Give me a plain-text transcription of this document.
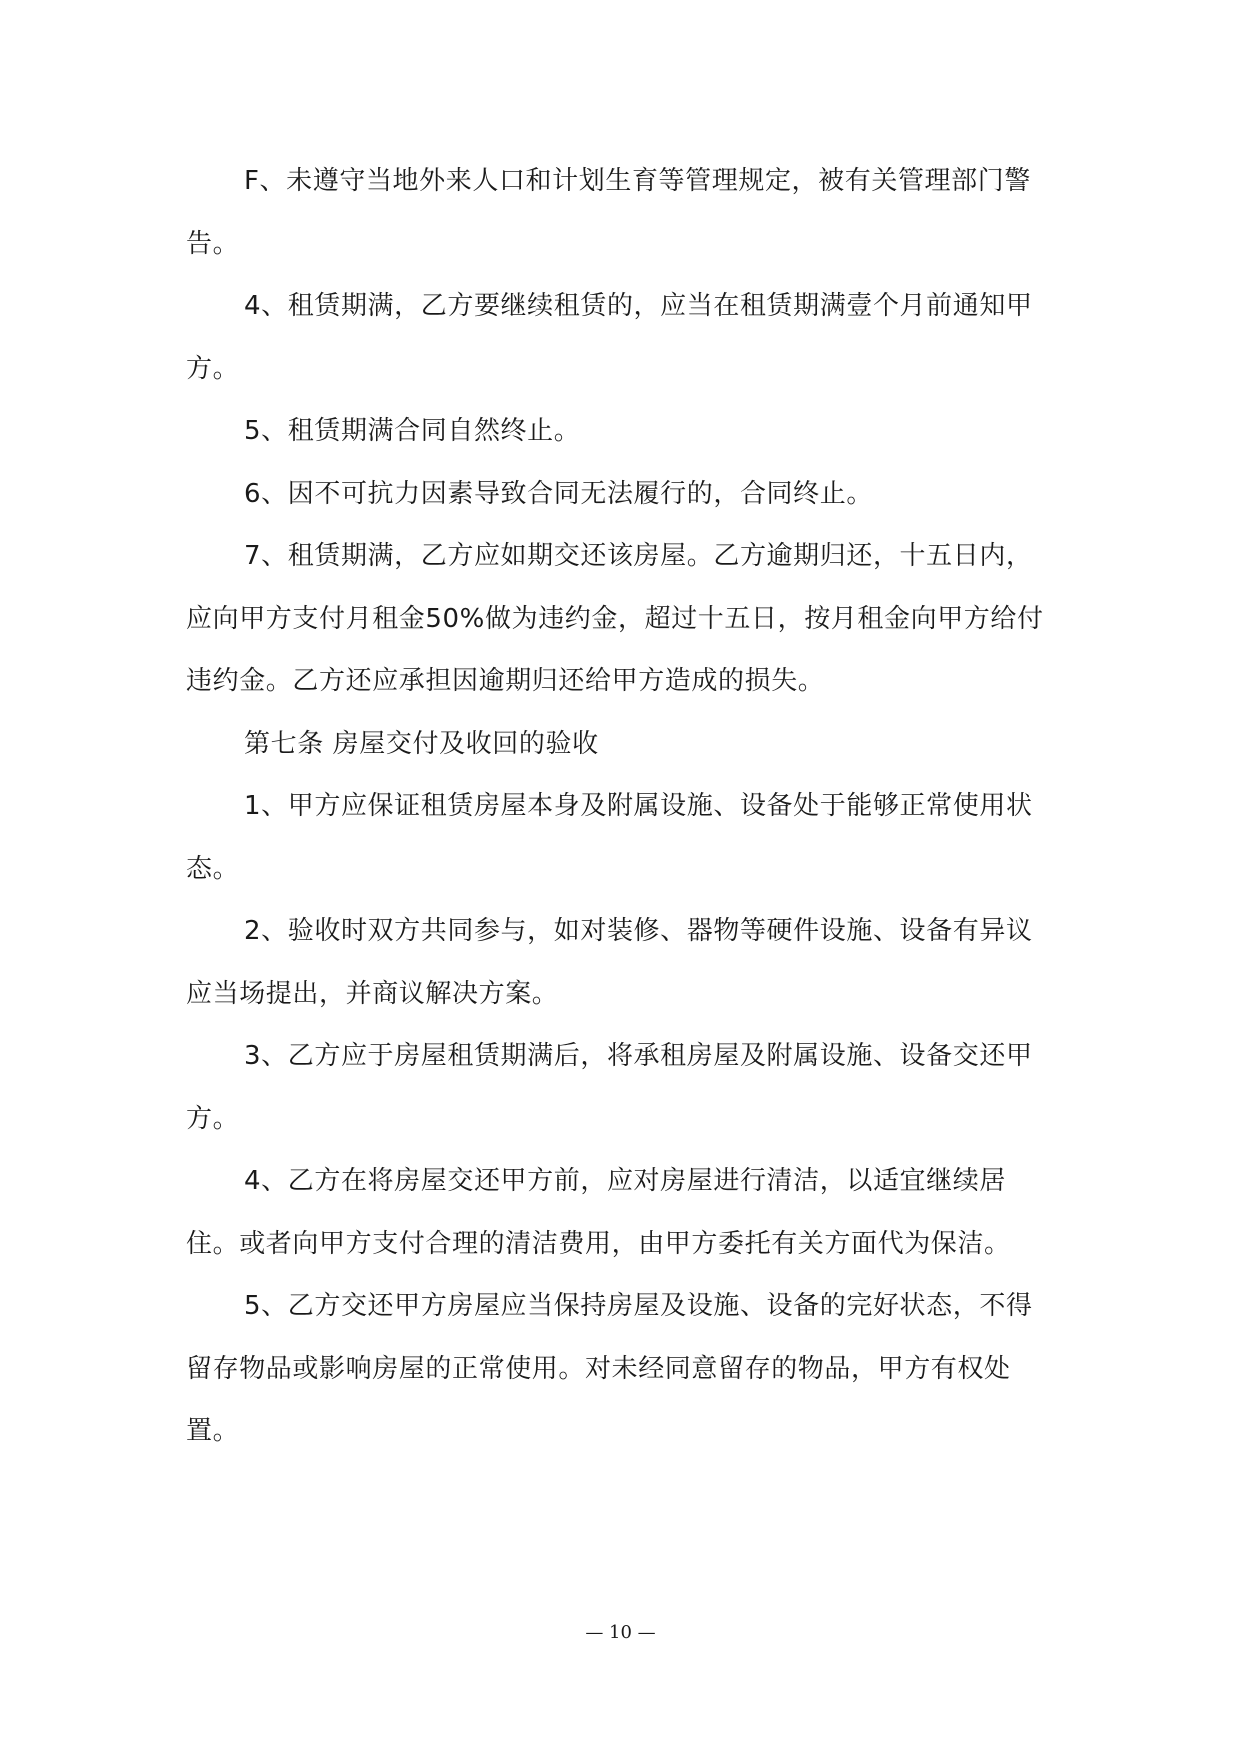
F、未遵守当地外来人口和计划生育等管理规定，被有关管理部门警告。

4、租赁期满，乙方要继续租赁的，应当在租赁期满壹个月前通知甲方。

5、租赁期满合同自然终止。

6、因不可抗力因素导致合同无法履行的，合同终止。

7、租赁期满，乙方应如期交还该房屋。乙方逾期归还，十五日内，应向甲方支付月租金50%做为违约金，超过十五日，按月租金向甲方给付违约金。乙方还应承担因逾期归还给甲方造成的损失。

第七条 房屋交付及收回的验收

1、甲方应保证租赁房屋本身及附属设施、设备处于能够正常使用状态。

2、验收时双方共同参与，如对装修、器物等硬件设施、设备有异议应当场提出，并商议解决方案。

3、乙方应于房屋租赁期满后，将承租房屋及附属设施、设备交还甲方。

4、乙方在将房屋交还甲方前，应对房屋进行清洁，以适宜继续居住。或者向甲方支付合理的清洁费用，由甲方委托有关方面代为保洁。

5、乙方交还甲方房屋应当保持房屋及设施、设备的完好状态，不得留存物品或影响房屋的正常使用。对未经同意留存的物品，甲方有权处置。

— 10 —
